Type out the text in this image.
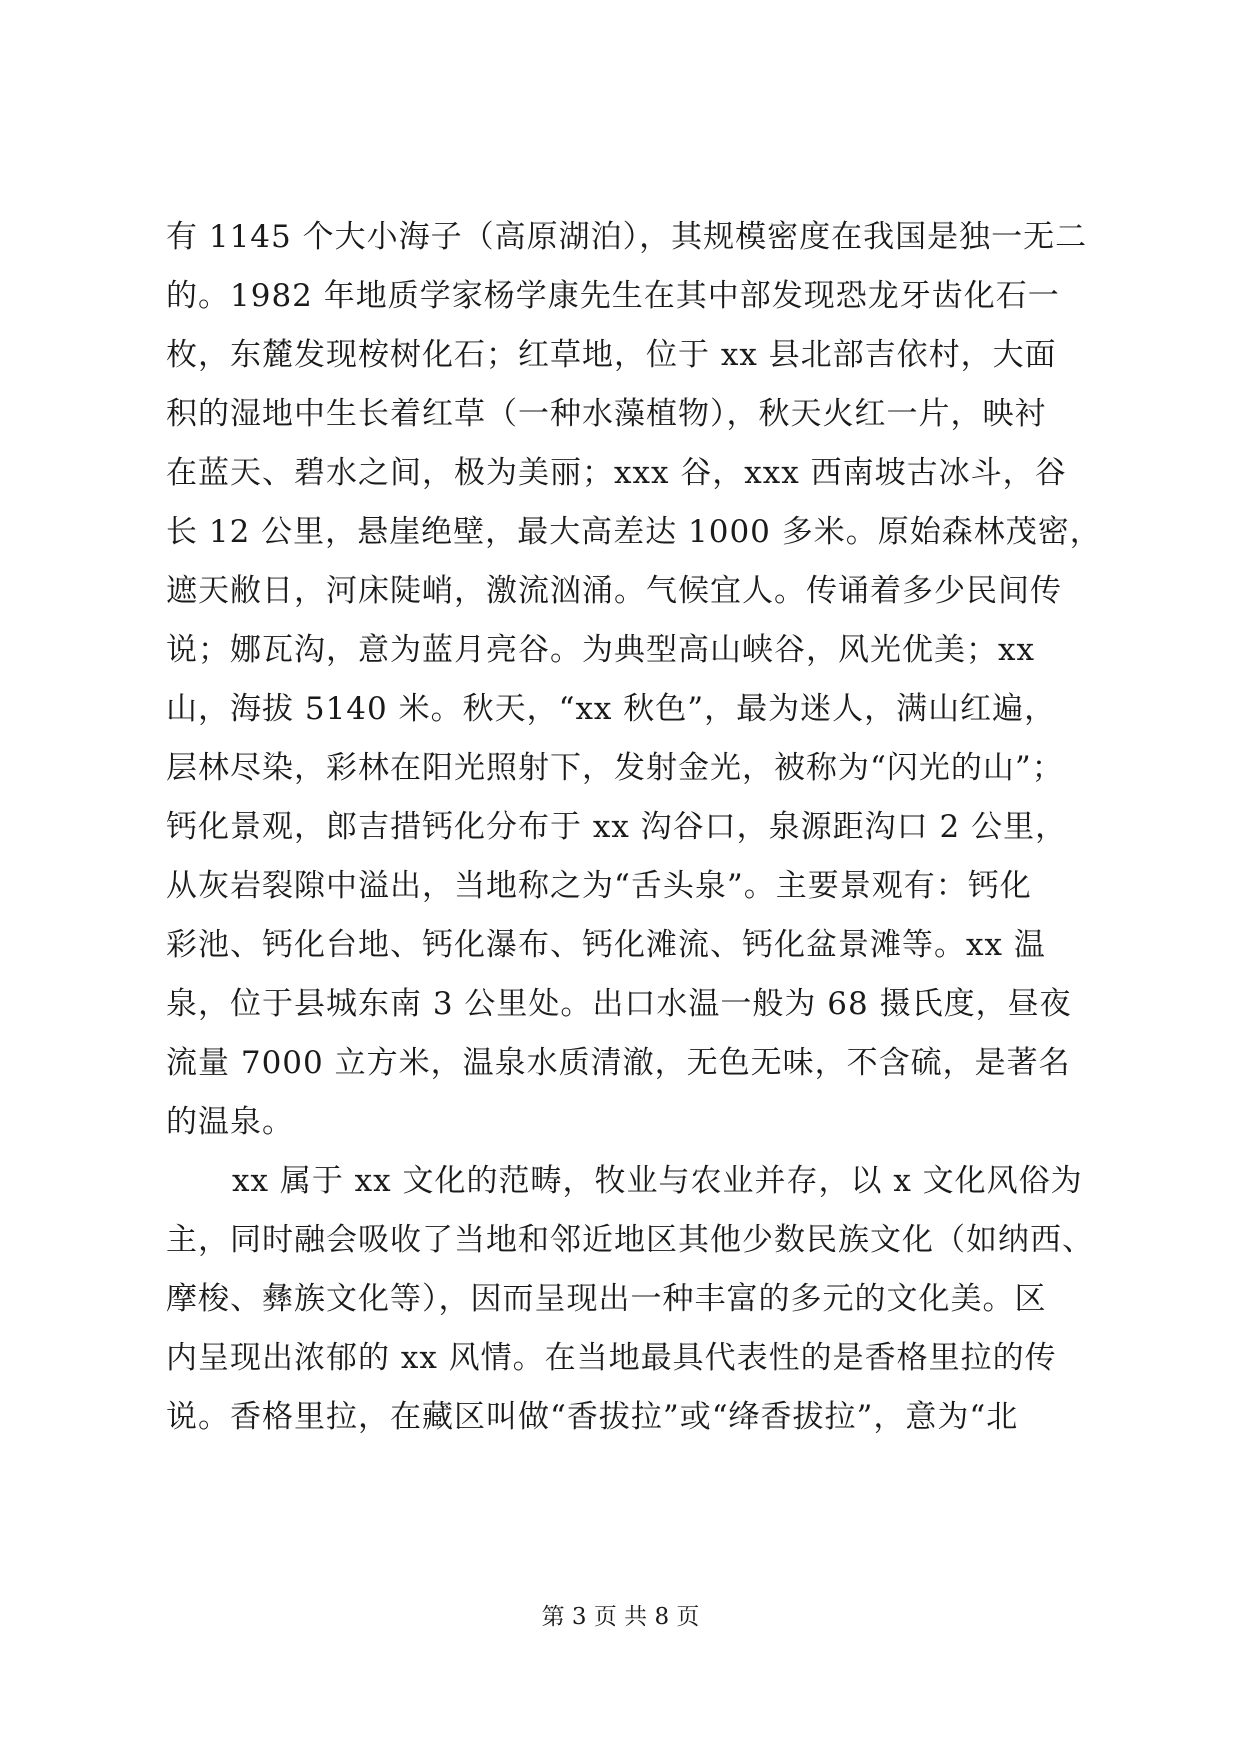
有 1145 个大小海子（高原湖泊），其规模密度在我国是独一无二
的。1982 年地质学家杨学康先生在其中部发现恐龙牙齿化石一
枚，东麓发现桉树化石；红草地，位于 xx 县北部吉依村，大面
积的湿地中生长着红草（一种水藻植物），秋天火红一片，映衬
在蓝天、碧水之间，极为美丽；xxx 谷，xxx 西南坡古冰斗，谷
长 12 公里，悬崖绝壁，最大高差达 1000 多米。原始森林茂密，
遮天敝日，河床陡峭，激流汹涌。气候宜人。传诵着多少民间传
说；娜瓦沟，意为蓝月亮谷。为典型高山峡谷，风光优美；xx
山，海拔 5140 米。秋天，“xx 秋色”，最为迷人，满山红遍，
层林尽染，彩林在阳光照射下，发射金光，被称为“闪光的山”；
钙化景观，郎吉措钙化分布于 xx 沟谷口，泉源距沟口 2 公里，
从灰岩裂隙中溢出，当地称之为“舌头泉”。主要景观有：钙化
彩池、钙化台地、钙化瀑布、钙化滩流、钙化盆景滩等。xx 温
泉，位于县城东南 3 公里处。出口水温一般为 68 摄氏度，昼夜
流量 7000 立方米，温泉水质清澈，无色无味，不含硫，是著名
的温泉。
xx 属于 xx 文化的范畴，牧业与农业并存，以 x 文化风俗为
主，同时融会吸收了当地和邻近地区其他少数民族文化（如纳西、
摩梭、彝族文化等），因而呈现出一种丰富的多元的文化美。区
内呈现出浓郁的 xx 风情。在当地最具代表性的是香格里拉的传
说。香格里拉，在藏区叫做“香拔拉”或“绛香拔拉”，意为“北
第 3 页 共 8 页
